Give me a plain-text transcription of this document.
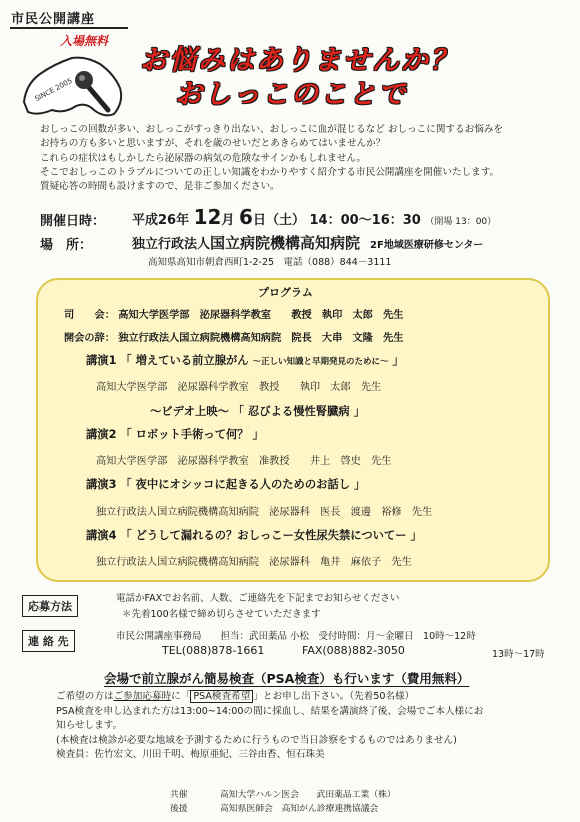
市民公開講座
入場無料
SINCE 2005
お悩みはありませんか？
おしっこのことで
おしっこの回数が多い、おしっこがすっきり出ない、おしっこに血が混じるなど おしっこに関するお悩みを
お持ちの方も多いと思いますが、それを歳のせいだとあきらめてはいませんか？
これらの症状はもしかしたら泌尿器の病気の危険なサインかもしれません。
そこでおしっこのトラブルについての正しい知識をわかりやすく紹介する市民公開講座を開催いたします。
質疑応答の時間も設けますので、是非ご参加ください。
開催日時： 平成26年 12月 6日（土） 14：00～16：30 （開場 13：00）
場　所：	独立行政法人国立病院機構高知病院 2F地域医療研修センター
高知県高知市朝倉西町1-2-25　電話（088）844－3111
プログラム
司　　会： 高知大学医学部　泌尿器科学教室　　教授　執印　太郎　先生
開会の辞： 独立行政法人国立病院機構高知病院　院長　大串　文隆　先生
講演1 「 増えている前立腺がん ～正しい知識と早期発見のために～ 」
高知大学医学部　泌尿器科学教室　教授　　執印　太郎　先生
～ビデオ上映～ 「 忍びよる慢性腎臓病 」
講演2 「 ロボット手術って何？ 」
高知大学医学部　泌尿器科学教室　准教授　　井上　啓史　先生
講演3 「 夜中にオシッコに起きる人のためのお話し 」
独立行政法人国立病院機構高知病院　泌尿器科　医長　渡邊　裕修　先生
講演4 「 どうして漏れるの？おしっこー女性尿失禁についてー 」
独立行政法人国立病院機構高知病院　泌尿器科　亀井　麻依子　先生
応募方法
電話かFAXでお名前、人数、ご連絡先を下記までお知らせください
＊先着100名様で締め切らさせていただきます
連 絡 先	市民公開講座事務局　　担当：武田薬品 小松　受付時間：月～金曜日　10時～12時
TEL(088)878-1661	FAX(088)882-3050	13時～17時
会場で前立腺がん簡易検査（PSA検査）も行います（費用無料）
ご希望の方はご参加応募時に「 PSA検査希望 」とお申し出下さい。（先着50名様）
PSA検査を申し込まれた方は13:00~14:00の間に採血し、結果を講演終了後、会場でご本人様にお
知らせします。
(本検査は検診が必要な地域を予測するために行うもので当日診察をするものではありません)
検査員：佐竹宏文、川田千明、梅原亜紀、三谷由香、恒石珠美
共催	高知大学ハルン医会　　武田薬品工業（株）
後援	高知県医師会　高知がん診療連携協議会
